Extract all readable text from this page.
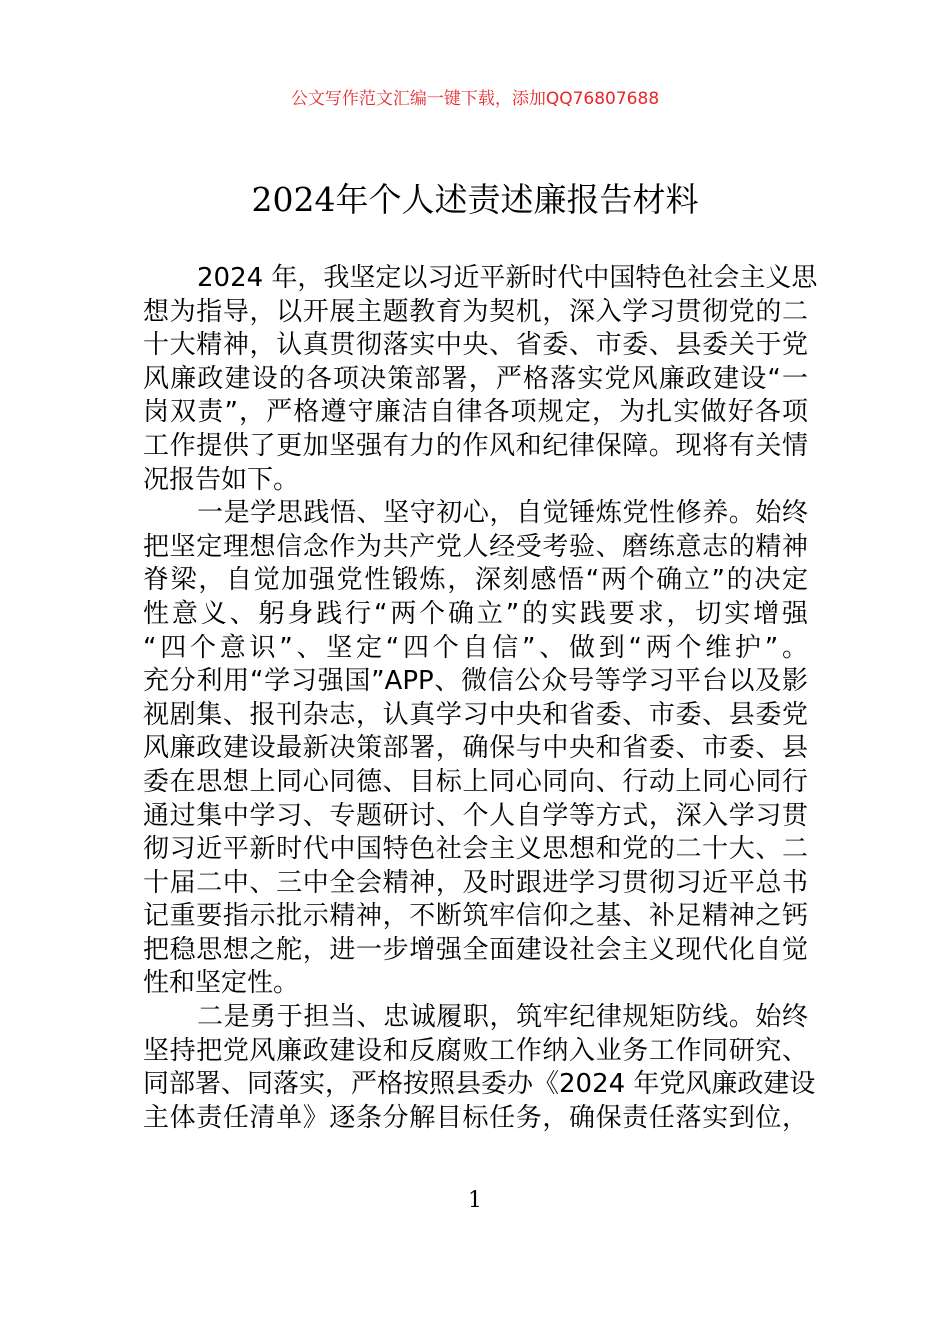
公文写作范文汇编一键下载，添加QQ76807688
2024年个人述责述廉报告材料
2024 年，我坚定以习近平新时代中国特色社会主义思
想为指导，以开展主题教育为契机，深入学习贯彻党的二
十大精神，认真贯彻落实中央、省委、市委、县委关于党
风廉政建设的各项决策部署，严格落实党风廉政建设“一
岗双责”，严格遵守廉洁自律各项规定，为扎实做好各项
工作提供了更加坚强有力的作风和纪律保障。现将有关情
况报告如下。
一是学思践悟、坚守初心，自觉锤炼党性修养。始终
把坚定理想信念作为共产党人经受考验、磨练意志的精神
脊梁，自觉加强党性锻炼，深刻感悟“两个确立”的决定
性意义、躬身践行“两个确立”的实践要求，切实增强
“四个意识”、坚定“四个自信”、做到“两个维护”。
充分利用“学习强国”APP、微信公众号等学习平台以及影
视剧集、报刊杂志，认真学习中央和省委、市委、县委党
风廉政建设最新决策部署，确保与中央和省委、市委、县
委在思想上同心同德、目标上同心同向、行动上同心同行
通过集中学习、专题研讨、个人自学等方式，深入学习贯
彻习近平新时代中国特色社会主义思想和党的二十大、二
十届二中、三中全会精神，及时跟进学习贯彻习近平总书
记重要指示批示精神，不断筑牢信仰之基、补足精神之钙
把稳思想之舵，进一步增强全面建设社会主义现代化自觉
性和坚定性。
二是勇于担当、忠诚履职，筑牢纪律规矩防线。始终
坚持把党风廉政建设和反腐败工作纳入业务工作同研究、
同部署、同落实，严格按照县委办《2024 年党风廉政建设
主体责任清单》逐条分解目标任务，确保责任落实到位，
1
